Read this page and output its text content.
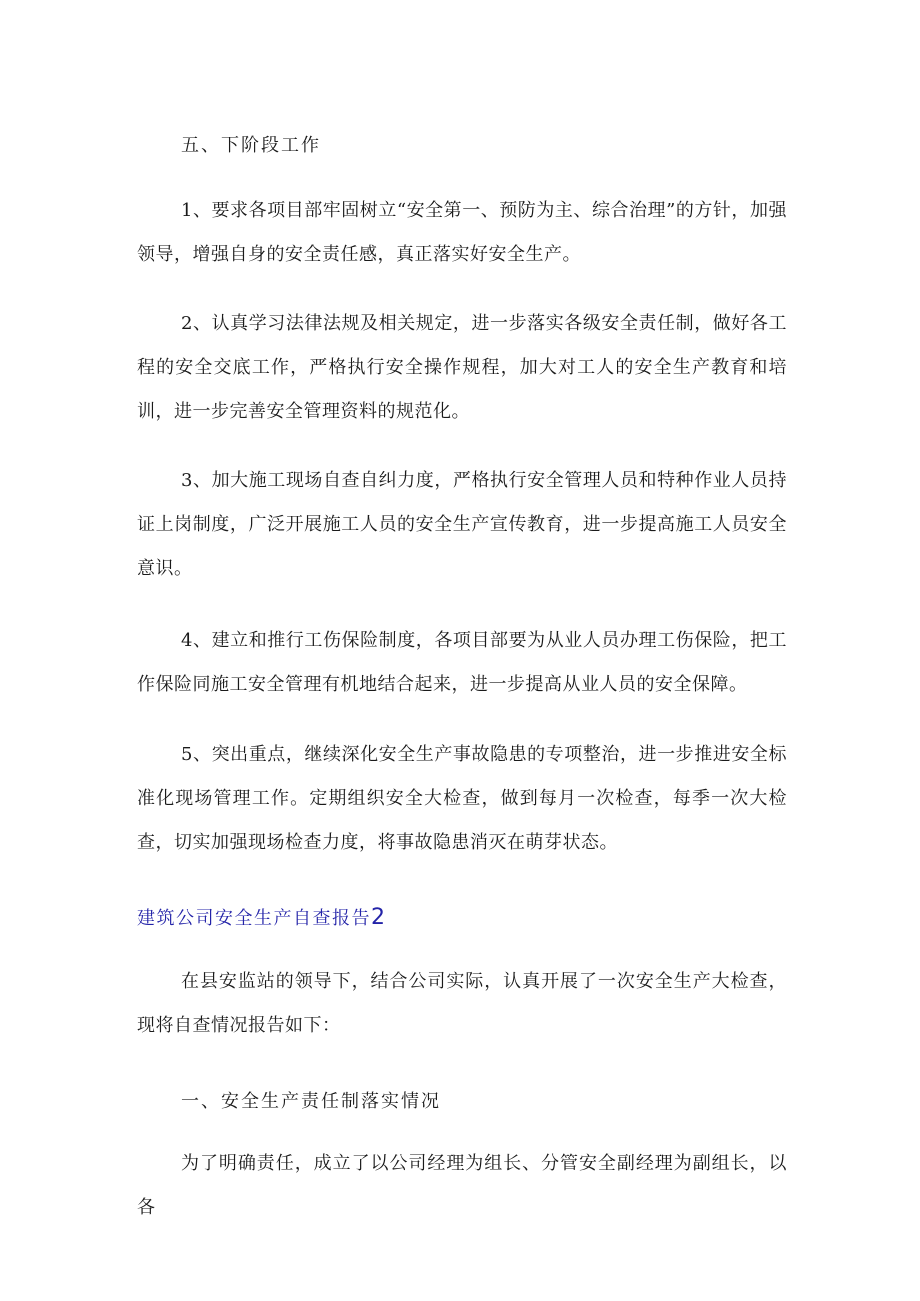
五、下阶段工作

1、要求各项目部牢固树立“安全第一、预防为主、综合治理”的方针，加强领导，增强自身的安全责任感，真正落实好安全生产。

2、认真学习法律法规及相关规定，进一步落实各级安全责任制，做好各工程的安全交底工作，严格执行安全操作规程，加大对工人的安全生产教育和培训，进一步完善安全管理资料的规范化。

3、加大施工现场自查自纠力度，严格执行安全管理人员和特种作业人员持证上岗制度，广泛开展施工人员的安全生产宣传教育，进一步提高施工人员安全意识。

4、建立和推行工伤保险制度，各项目部要为从业人员办理工伤保险，把工作保险同施工安全管理有机地结合起来，进一步提高从业人员的安全保障。

5、突出重点，继续深化安全生产事故隐患的专项整治，进一步推进安全标准化现场管理工作。定期组织安全大检查，做到每月一次检查，每季一次大检查，切实加强现场检查力度，将事故隐患消灭在萌芽状态。

建筑公司安全生产自查报告2

在县安监站的领导下，结合公司实际，认真开展了一次安全生产大检查，现将自查情况报告如下：

一、安全生产责任制落实情况

为了明确责任，成立了以公司经理为组长、分管安全副经理为副组长，以各
